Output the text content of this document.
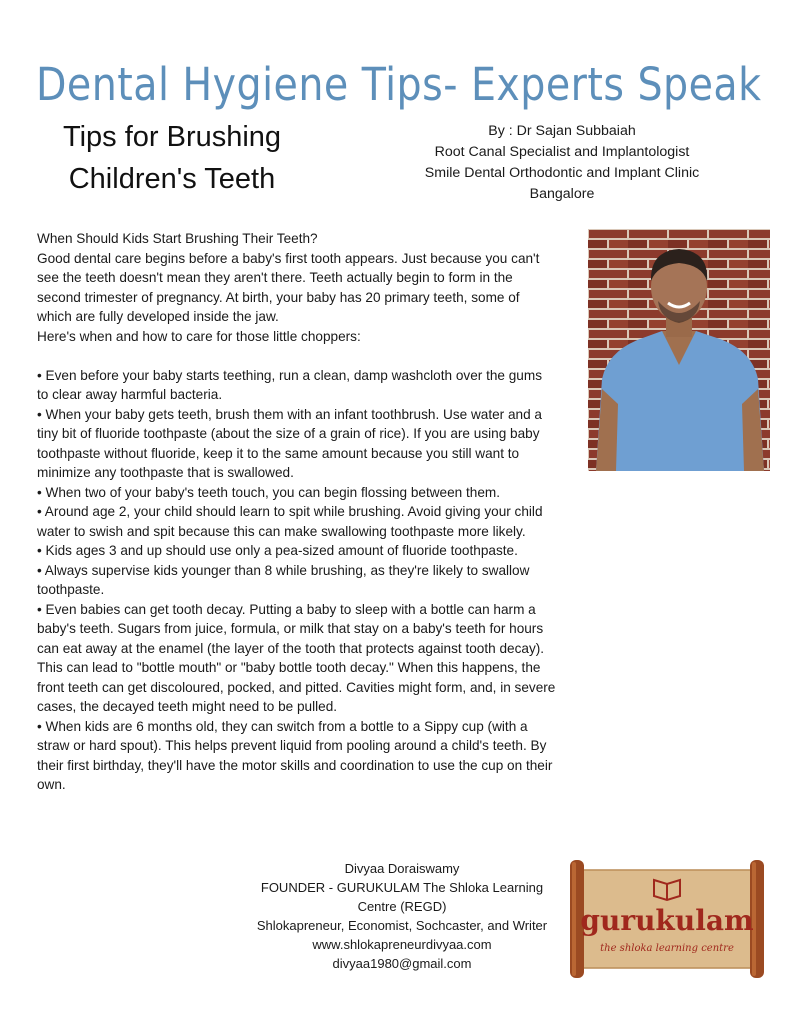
Dental Hygiene Tips- Experts Speak
Tips for Brushing
Children's Teeth
By : Dr Sajan Subbaiah
Root Canal Specialist and Implantologist
Smile Dental Orthodontic and Implant Clinic
Bangalore

When Should Kids Start Brushing Their Teeth?

Good dental care begins before a baby's first tooth appears. Just because you can't see the teeth doesn't mean they aren't there. Teeth actually begin to form in the second trimester of pregnancy. At birth, your baby has 20 primary teeth, some of which are fully developed inside the jaw.

Here's when and how to care for those little choppers:

• Even before your baby starts teething, run a clean, damp washcloth over the gums to clear away harmful bacteria.

• When your baby gets teeth, brush them with an infant toothbrush. Use water and a tiny bit of fluoride toothpaste (about the size of a grain of rice). If you are using baby toothpaste without fluoride, keep it to the same amount because you still want to minimize any toothpaste that is swallowed.

• When two of your baby's teeth touch, you can begin flossing between them.

• Around age 2, your child should learn to spit while brushing. Avoid giving your child water to swish and spit because this can make swallowing toothpaste more likely.

• Kids ages 3 and up should use only a pea-sized amount of fluoride toothpaste.

• Always supervise kids younger than 8 while brushing, as they're likely to swallow toothpaste.

• Even babies can get tooth decay. Putting a baby to sleep with a bottle can harm a baby's teeth. Sugars from juice, formula, or milk that stay on a baby's teeth for hours can eat away at the enamel (the layer of the tooth that protects against tooth decay). This can lead to "bottle mouth" or "baby bottle tooth decay." When this happens, the front teeth can get discoloured, pocked, and pitted. Cavities might form, and, in severe cases, the decayed teeth might need to be pulled.

• When kids are 6 months old, they can switch from a bottle to a Sippy cup (with a straw or hard spout). This helps prevent liquid from pooling around a child's teeth. By their first birthday, they'll have the motor skills and coordination to use the cup on their own.

Divyaa Doraiswamy
FOUNDER - GURUKULAM The Shloka Learning Centre (REGD)
Shlokapreneur, Economist, Sochcaster, and Writer
www.shlokapreneurdivyaa.com
divyaa1980@gmail.com
gurukulam
the shloka learning centre
